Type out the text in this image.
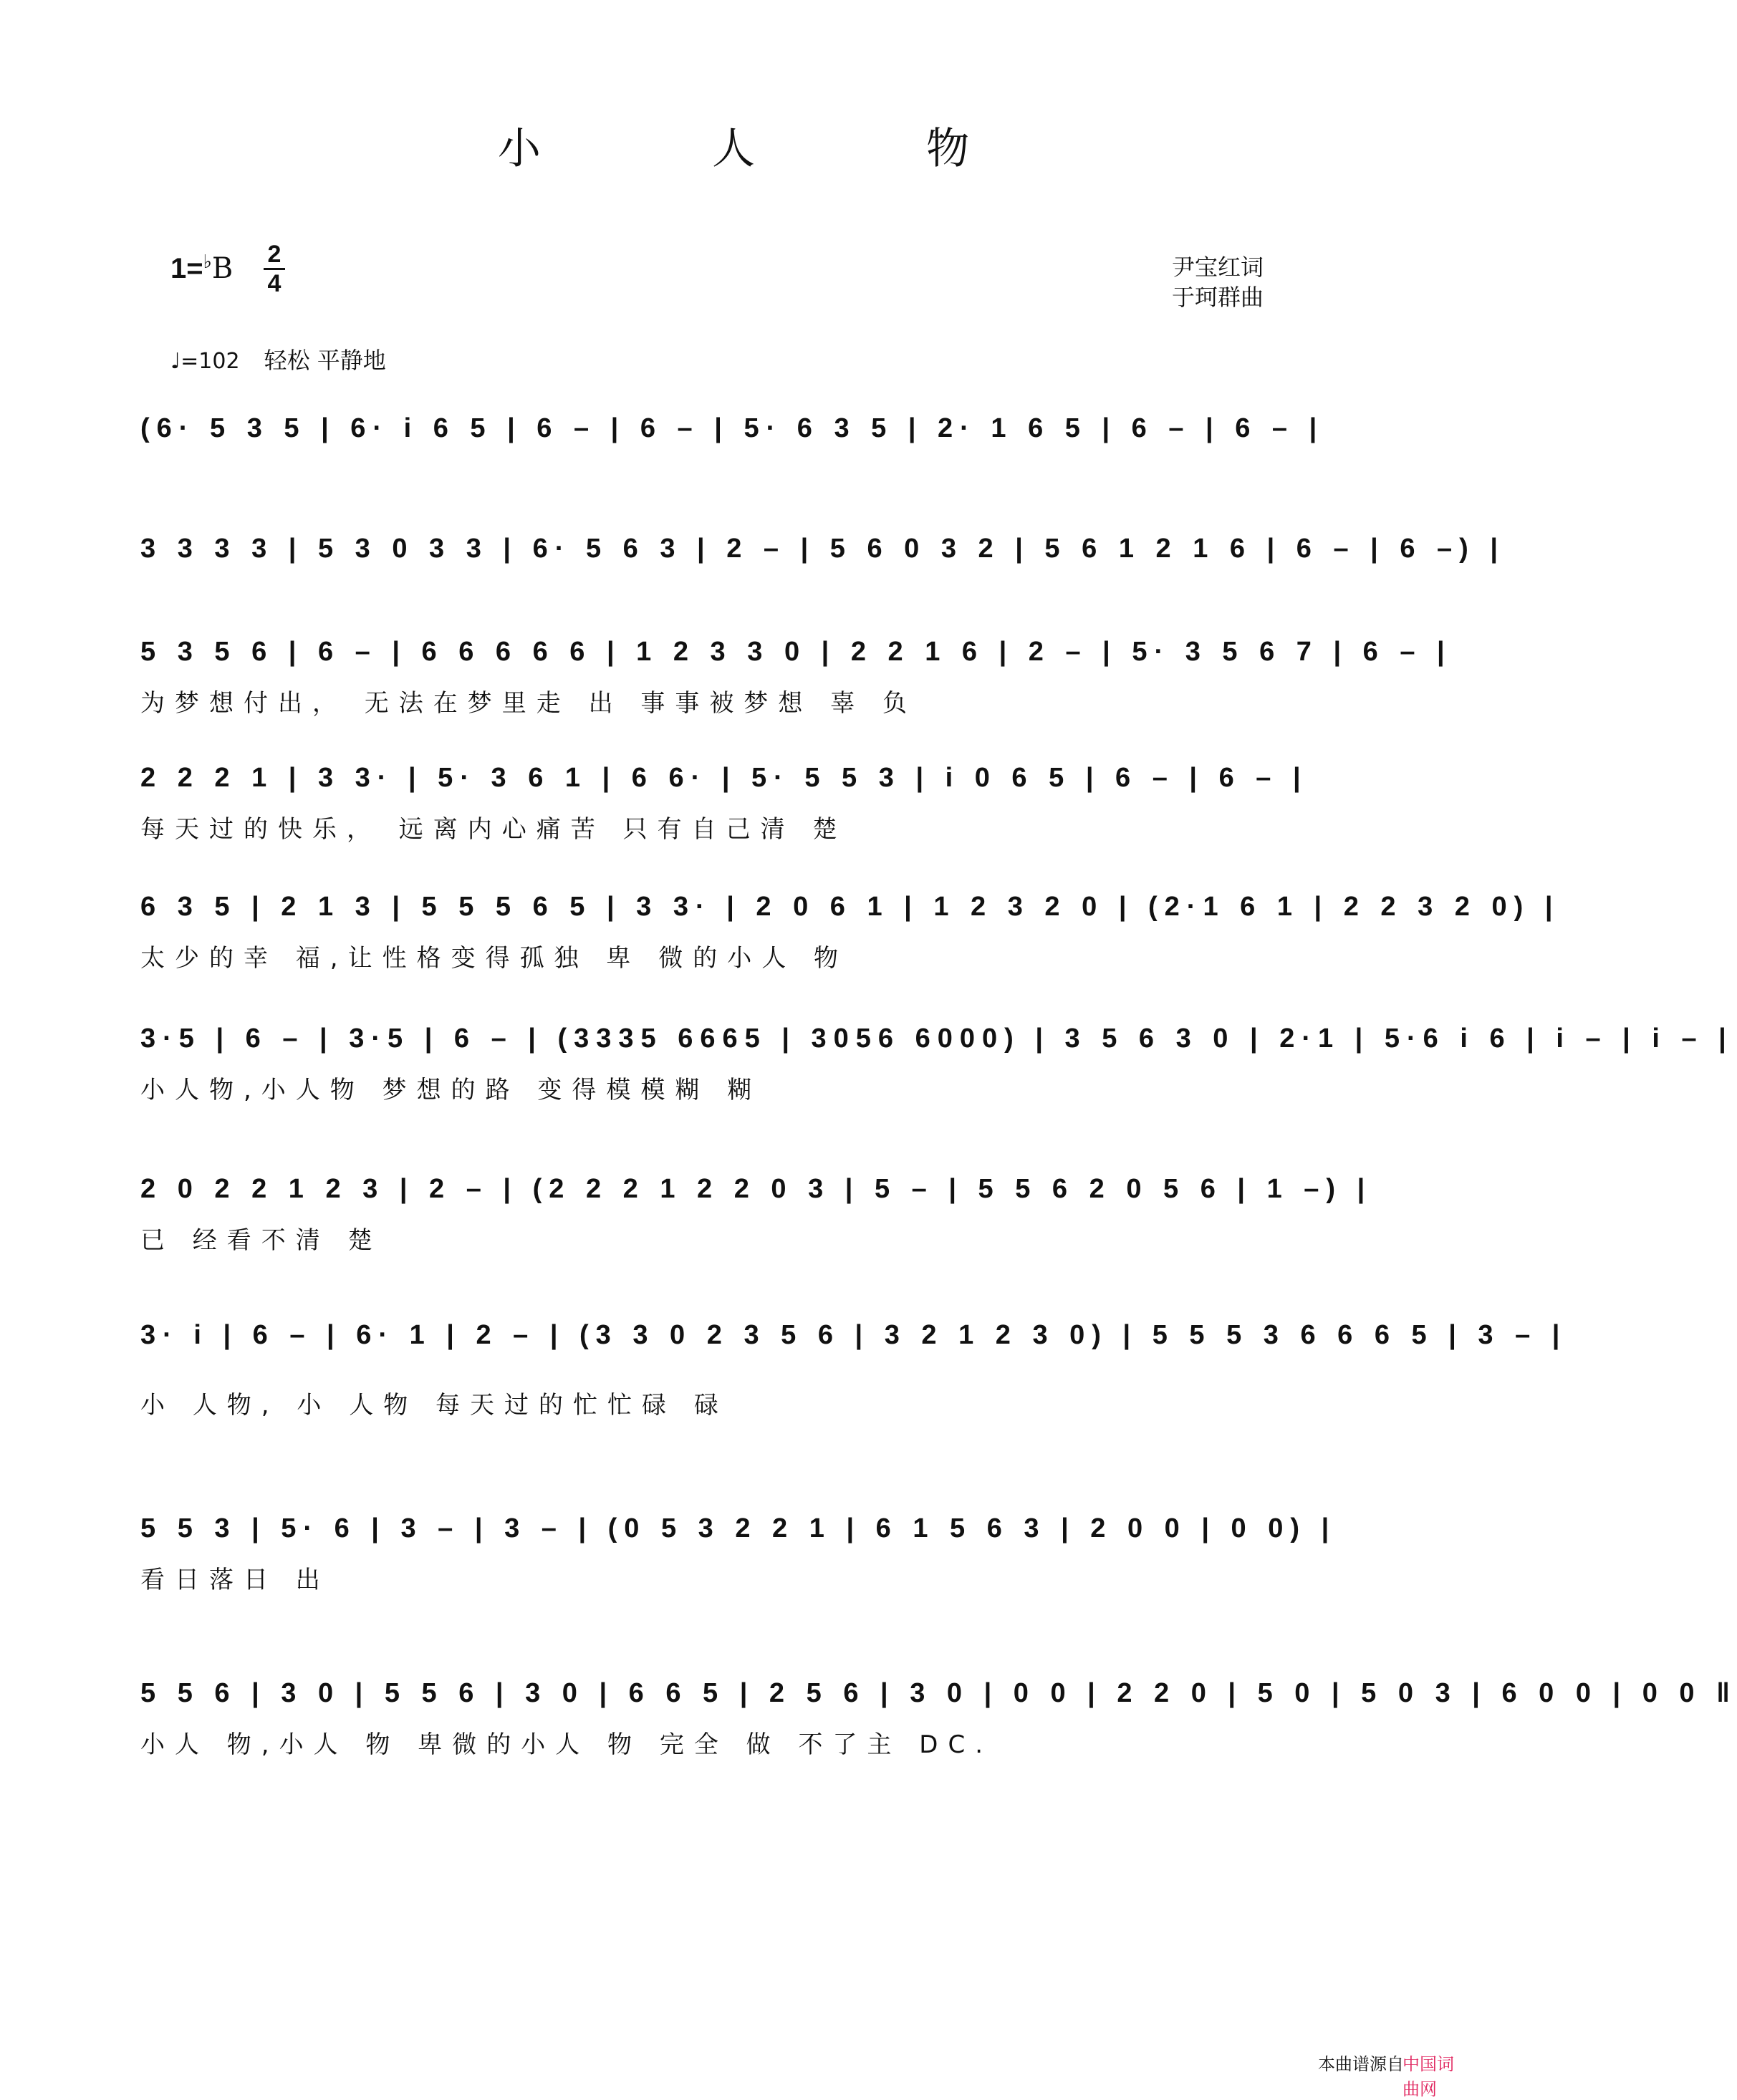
小 人 物
1=♭B 2
4
尹宝红词
于珂群曲
♩=102 轻松 平静地
(6· 5 3 5 | 6· i 6 5 | 6 – | 6 – | 5· 6 3 5 | 2· 1 6 5 | 6 – | 6 – |
3 3 3 3 | 5 3 0 3 3 | 6· 5 6 3 | 2 – | 5 6 0 3 2 | 5 6 1 2 1 6 | 6 – | 6 –) |
5 3 5 6 | 6 – | 6 6 6 6 6 | 1 2 3 3 0 | 2 2 1 6 | 2 – | 5· 3 5 6 7 | 6 – |
为梦想付出， 无法在梦里走 出 事事被梦想 辜 负
2 2 2 1 | 3 3· | 5· 3 6 1 | 6 6· | 5· 5 5 3 | i 0 6 5 | 6 – | 6 – |
每天过的快乐， 远离内心痛苦 只有自己清 楚
6 3 5 | 2 1 3 | 5 5 5 6 5 | 3 3· | 2 0 6 1 | 1 2 3 2 0 | (2·1 6 1 | 2 2 3 2 0) |
太少的幸 福,让性格变得孤独 卑 微的小人 物
3·5 | 6 – | 3·5 | 6 – | (3335 6665 | 3056 6000) | 3 5 6 3 0 | 2·1 | 5·6 i 6 | i – | i – |
小人物,小人物 梦想的路 变得模模糊 糊
2 0 2 2 1 2 3 | 2 – | (2 2 2 1 2 2 0 3 | 5 – | 5 5 6 2 0 5 6 | 1 –) |
已 经看不清 楚
3· i | 6 – | 6· 1 | 2 – | (3 3 0 2 3 5 6 | 3 2 1 2 3 0) | 5 5 5 3 6 6 6 5 | 3 – |
小 人物, 小 人物 每天过的忙忙碌 碌
5 5 3 | 5· 6 | 3 – | 3 – | (0 5 3 2 2 1 | 6 1 5 6 3 | 2 0 0 | 0 0) |
看日落日 出
5 5 6 | 3 0 | 5 5 6 | 3 0 | 6 6 5 | 2 5 6 | 3 0 | 0 0 | 2 2 0 | 5 0 | 5 0 3 | 6 0 0 | 0 0 ‖
小人 物,小人 物 卑微的小人 物 完全 做 不了主 DC.
本曲谱源自
中国词曲网
